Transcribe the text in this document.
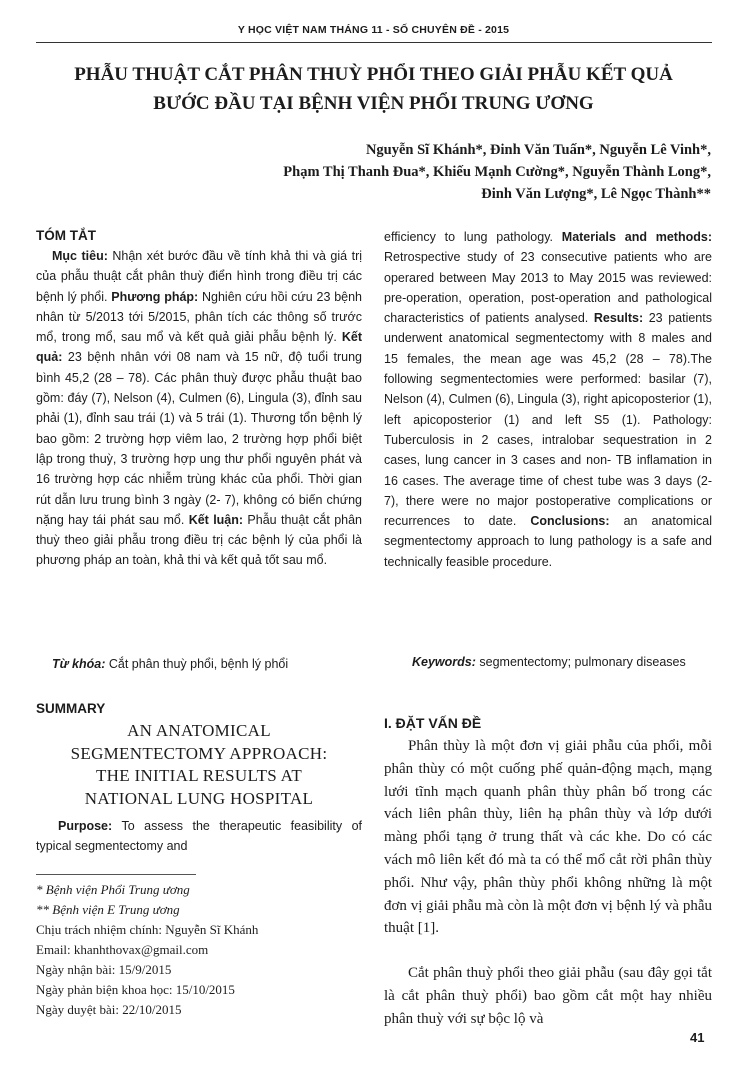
Y HỌC VIỆT NAM THÁNG 11 - SỐ CHUYÊN ĐỀ - 2015
PHẪU THUẬT CẮT PHÂN THUỲ PHỔI THEO GIẢI PHẪU KẾT QUẢ
BƯỚC ĐẦU TẠI BỆNH VIỆN PHỔI TRUNG ƯƠNG
Nguyễn Sĩ Khánh*, Đinh Văn Tuấn*, Nguyễn Lê Vinh*,
Phạm Thị Thanh Đua*, Khiếu Mạnh Cường*, Nguyễn Thành Long*,
Đinh Văn Lượng*, Lê Ngọc Thành**
TÓM TẮT

Mục tiêu: Nhận xét bước đầu về tính khả thi và giá trị của phẫu thuật cắt phân thuỳ điển hình trong điều trị các bệnh lý phổi. Phương pháp: Nghiên cứu hồi cứu 23 bệnh nhân từ 5/2013 tới 5/2015, phân tích các thông số trước mổ, trong mổ, sau mổ và kết quả giải phẫu bệnh lý. Kết quả: 23 bệnh nhân với 08 nam và 15 nữ, độ tuổi trung bình 45,2 (28 – 78). Các phân thuỳ được phẫu thuật bao gồm: đáy (7), Nelson (4), Culmen (6), Lingula (3), đỉnh sau phải (1), đỉnh sau trái (1) và 5 trái (1). Thương tổn bệnh lý bao gồm: 2 trường hợp viêm lao, 2 trường hợp phổi biệt lập trong thuỳ, 3 trường hợp ung thư phổi nguyên phát và 16 trường hợp các nhiễm trùng khác của phổi. Thời gian rút dẫn lưu trung bình 3 ngày (2- 7), không có biến chứng nặng hay tái phát sau mổ. Kết luận: Phẫu thuật cắt phân thuỳ theo giải phẫu trong điều trị các bệnh lý của phổi là phương pháp an toàn, khả thi và kết quả tốt sau mổ.

Từ khóa: Cắt phân thuỳ phổi, bệnh lý phổi

SUMMARY
AN ANATOMICAL
SEGMENTECTOMY APPROACH:
THE INITIAL RESULTS AT
NATIONAL LUNG HOSPITAL

Purpose: To assess the therapeutic feasibility of typical segmentectomy and

* Bệnh viện Phổi Trung ương
** Bệnh viện E Trung ương
Chịu trách nhiệm chính: Nguyễn Sĩ Khánh
Email: khanhthovax@gmail.com
Ngày nhận bài: 15/9/2015
Ngày phản biện khoa học: 15/10/2015
Ngày duyệt bài: 22/10/2015

efficiency to lung pathology. Materials and methods: Retrospective study of 23 consecutive patients who are operared between May 2013 to May 2015 was reviewed: pre-operation, operation, post-operation and pathological characteristics of patients analysed. Results: 23 patients underwent anatomical segmentectomy with 8 males and 15 females, the mean age was 45,2 (28 – 78).The following segmentectomies were performed: basilar (7), Nelson (4), Culmen (6), Lingula (3), right apicoposterior (1), left apicoposterior (1) and left S5 (1). Pathology: Tuberculosis in 2 cases, intralobar sequestration in 2 cases, lung cancer in 3 cases and non- TB inflamation in 16 cases. The average time of chest tube was 3 days (2-7), there were no major postoperative complications or recurrences to date. Conclusions: an anatomical segmentectomy approach to lung pathology is a safe and technically feasible procedure.

Keywords: segmentectomy; pulmonary diseases

I. ĐẶT VẤN ĐỀ

Phân thùy là một đơn vị giải phẫu của phổi, mỗi phân thùy có một cuống phế quản-động mạch, mạng lưới tĩnh mạch quanh phân thùy phân bố trong các vách liên phân thùy, liên hạ phân thùy và lớp dưới màng phổi tạng ở trung thất và các khe. Do có các vách mô liên kết đó mà ta có thể mổ cắt rời phân thùy phổi. Như vậy, phân thùy phổi không những là một đơn vị giải phẫu mà còn là một đơn vị bệnh lý và phẫu thuật [1].

Cắt phân thuỳ phổi theo giải phẫu (sau đây gọi tắt là cắt phân thuỳ phổi) bao gồm cắt một hay nhiều phân thuỳ với sự bộc lộ và

41
